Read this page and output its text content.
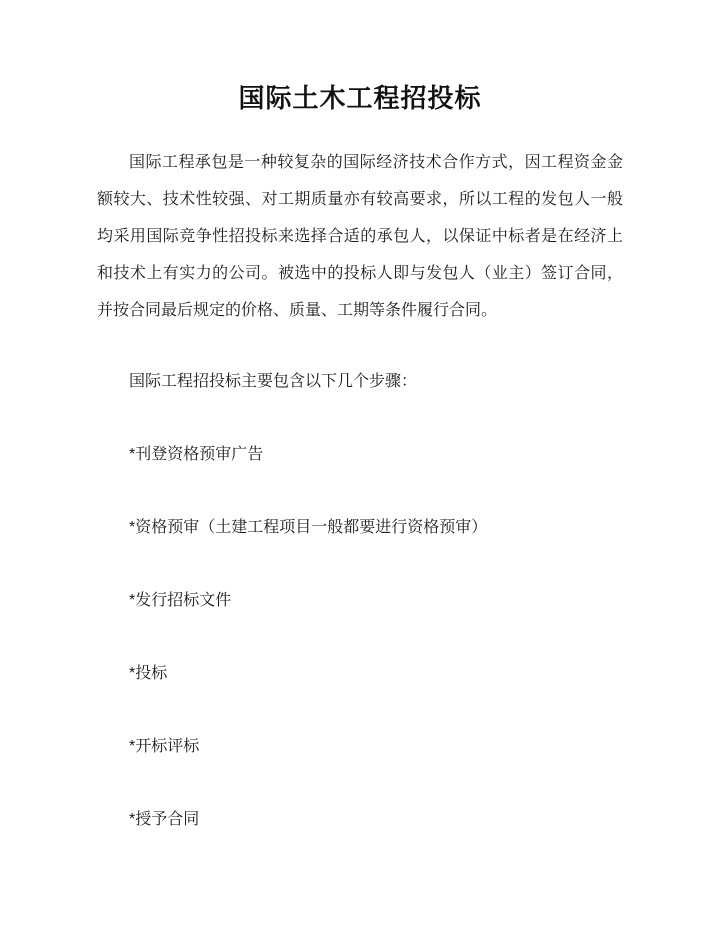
国际土木工程招投标

国际工程承包是一种较复杂的国际经济技术合作方式，因工程资金金额较大、技术性较强、对工期质量亦有较高要求，所以工程的发包人一般均采用国际竞争性招投标来选择合适的承包人，以保证中标者是在经济上和技术上有实力的公司。被选中的投标人即与发包人（业主）签订合同，并按合同最后规定的价格、质量、工期等条件履行合同。

国际工程招投标主要包含以下几个步骤：

*刊登资格预审广告

*资格预审（土建工程项目一般都要进行资格预审）

*发行招标文件

*投标

*开标评标

*授予合同
